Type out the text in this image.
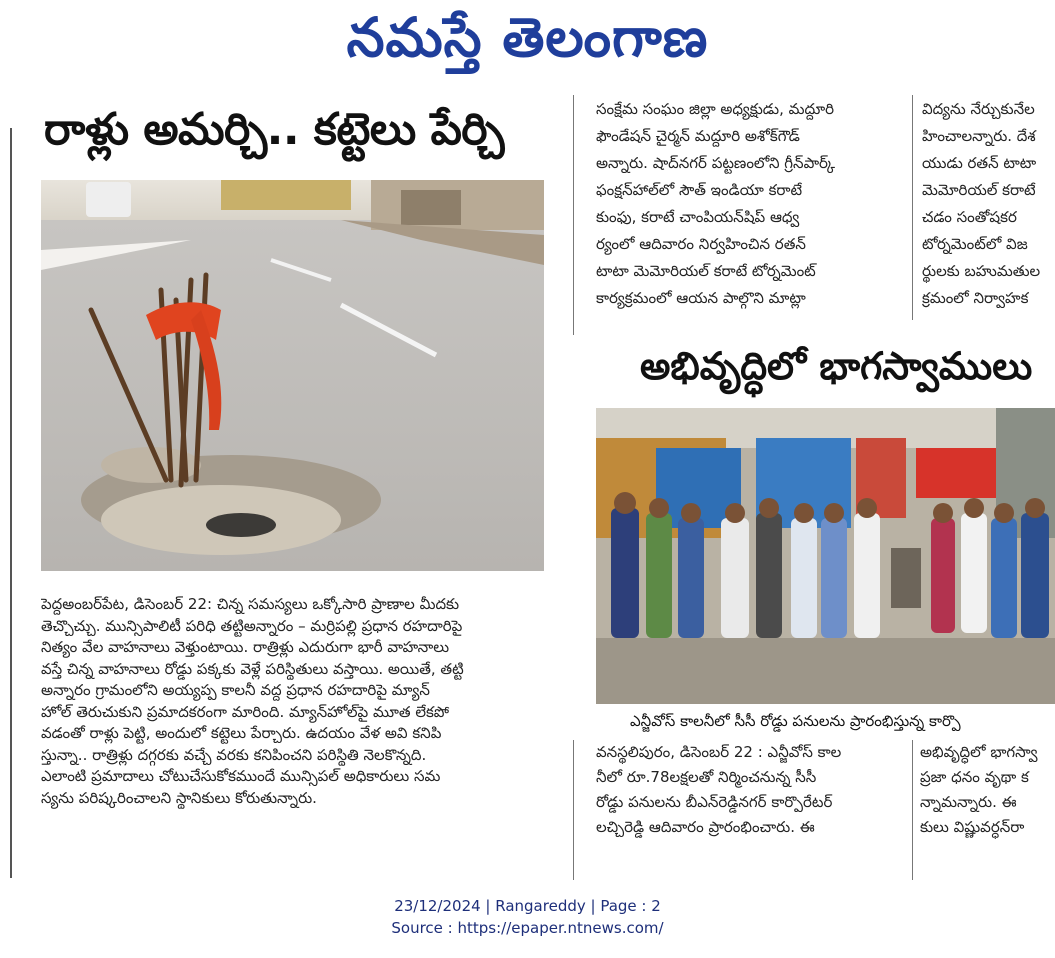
నమస్తే తెలంగాణ
రాళ్లు అమర్చి.. కట్టెలు పేర్చి

పెద్దఅంబర్‌పేట, డిసెంబర్ 22: చిన్న సమస్యలు ఒక్కోసారి ప్రాణాల మీదకు

తెచ్చొచ్చు. మున్సిపాలిటీ పరిధి తట్టిఅన్నారం – మర్రిపల్లి ప్రధాన రహదారిపై

నిత్యం వేల వాహనాలు వెళ్తుంటాయి. రాత్రిళ్లు ఎదురుగా భారీ వాహనాలు

వస్తే చిన్న వాహనాలు రోడ్డు పక్కకు వెళ్లే పరిస్థితులు వస్తాయి. అయితే, తట్టి

అన్నారం గ్రామంలోని అయ్యప్ప కాలనీ వద్ద ప్రధాన రహదారిపై మ్యాన్

హోల్ తెరుచుకుని ప్రమాదకరంగా మారింది. మ్యాన్‌హోల్‌పై మూత లేకపో

వడంతో రాళ్లు పెట్టి, అందులో కట్టెలు పేర్చారు. ఉదయం వేళ అవి కనిపి

స్తున్నా.. రాత్రిళ్లు దగ్గరకు వచ్చే వరకు కనిపించని పరిస్థితి నెలకొన్నది.

ఎలాంటి ప్రమాదాలు చోటుచేసుకోకముందే మున్సిపల్ అధికారులు సమ

స్యను పరిష్కరించాలని స్థానికులు కోరుతున్నారు.

సంక్షేమ సంఘం జిల్లా అధ్యక్షుడు, మద్దూరి

ఫౌండేషన్ చైర్మన్ మద్దూరి అశోక్‌గౌడ్

అన్నారు. షాద్‌నగర్ పట్టణంలోని గ్రీన్‌పార్క్

ఫంక్షన్‌హాల్‌లో సౌత్ ఇండియా కరాటే

కుంఫు, కరాటే చాంపియన్‌షిప్ ఆధ్వ

ర్యంలో ఆదివారం నిర్వహించిన రతన్

టాటా మెమోరియల్ కరాటే టోర్నమెంట్

కార్యక్రమంలో ఆయన పాల్గొని మాట్లా

విద్యను నేర్చుకునేల

హించాలన్నారు. దేశ

యుడు రతన్ టాటా

మెమోరియల్ కరాటే

చడం సంతోషకర

టోర్నమెంట్‌లో విజ

ర్థులకు బహుమతుల

క్రమంలో నిర్వాహక

అభివృద్ధిలో భాగస్వాములు
ఎన్జీవోస్ కాలనీలో సీసీ రోడ్డు పనులను ప్రారంభిస్తున్న కార్పొ

వనస్థలిపురం, డిసెంబర్ 22 : ఎన్జీవోస్ కాల

నీలో రూ.78లక్షలతో నిర్మించనున్న సీసీ

రోడ్డు పనులను బీఎన్‌రెడ్డినగర్ కార్పొరేటర్

లచ్చిరెడ్డి ఆదివారం ప్రారంభించారు. ఈ

అభివృద్ధిలో భాగస్వా

ప్రజా ధనం వృథా క

న్నామన్నారు. ఈ

కులు విష్ణువర్ధన్‌రా

23/12/2024 | Rangareddy | Page : 2
Source : https://epaper.ntnews.com/
